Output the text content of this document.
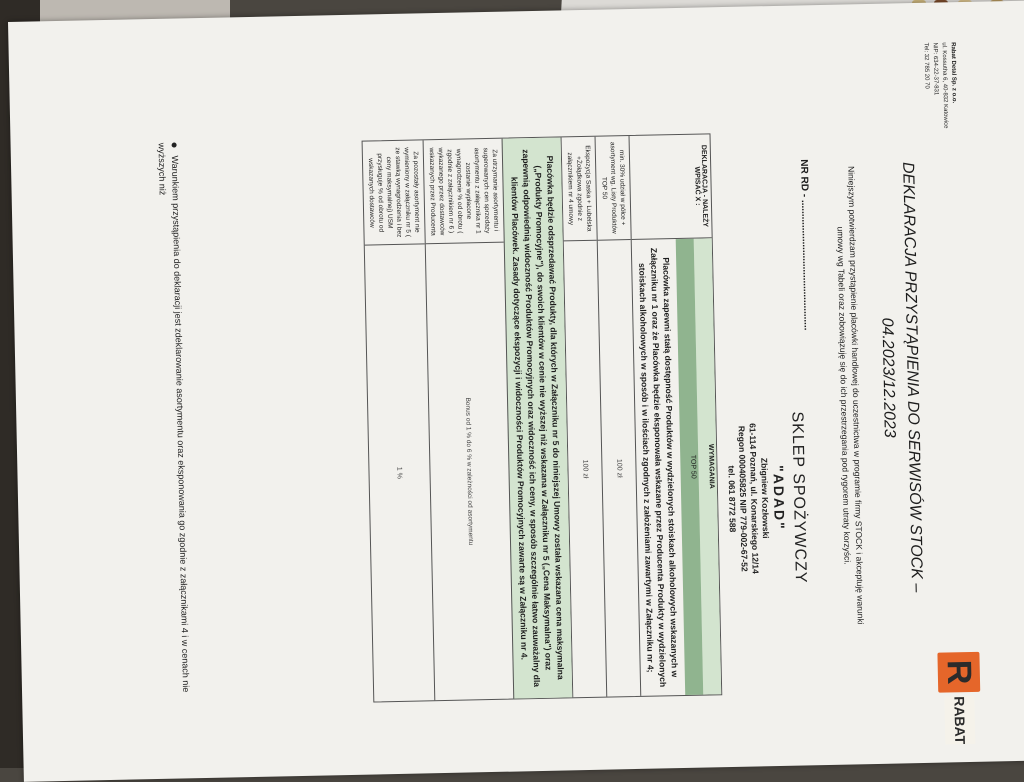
R
RABAT
Rabat Detal Sp. z o.o.
ul. Kossutha 6, 40-832 Katowice
NIP: 634-22-37-831
Tel: 32 785 20 70
DEKLARACJA PRZYSTĄPIENIA DO SERWISÓW STOCK –
04.2023/12.2023
Niniejszym potwierdzam przystąpienie placówki handlowej do uczestnictwa w programie firmy STOCK i akceptuję warunki umowy wg Tabeli oraz zobowiązuję się do ich przestrzegania pod rygorem utraty korzyści.
NR RD - ...............................................
SKLEP SPOŻYWCZY
"ADAD"
Zbigniew Kozłowski
61-114 Poznań, ul. Konarskiego 12/14
Regon 000405825 NIP 779-002-67-52
tel. 061 8772 588
DEKLARACJA - NALEŻY WPISAĆ X :
WYMAGANIA
TOP 50
Placówka zapewni stałą dostępność Produktów w wydzielonych stoiskach alkoholowych wskazanych w Załączniku nr 1 oraz że Placówka będzie eksponowała wskazane przez Producenta Produkty w wydzielonych stoiskach alkoholowych w sposób i w ilościach zgodnych z założeniami zawartymi w Załączniku nr 4;
min. 30% udział w półce + asortyment wg. Listy Produktów TOP 50
100 zł
Ekspozycja Saska + Lubelska +Żołądkowa zgodnie z załącznikiem nr 4 umowy
100 zł
Placówka będzie odsprzedawać Produkty, dla których w Załączniku nr 5 do niniejszej Umowy została wskazana cena maksymalna („Produkty Promocyjne"), do swoich klientów w cenie nie wyższej niż wskazana w Załączniku nr 5 („Cena Maksymalna") oraz zapewnią odpowiednią widoczność Produktów Promocyjnych oraz widoczność ich ceny, w sposób szczególnie łatwo zauważalny dla klientów Placówek. Zasady dotyczące ekspozycji i widoczności Produktów Promocyjnych zawarte są w Załączniku nr 4.
Za utrzymanie asortymentu i sugerowanych cen sprzedaży asortymentu z załącznika nr 1 zostanie wypłacone wynagrodzenie % od obrotu ( zgodnie z załącznikiem nr 6 ) wykazanego przez dostawców wskazanych przez Producenta
Bonus od 1 % do 6 % w zależności od asortymentu
Za pozostały asortyment nie wymieniony w załączniku nr 5 ( ze stawką wynagrodzenia i bez ceny maksymalnej) USM przysługuje % od obrotu od wskazanych dostawców
1 %
Warunkiem przystąpienia do deklaracji jest zdeklarowanie asortymentu oraz eksponowania go zgodnie z załącznikami 4 i w cenach nie wyższych niż
